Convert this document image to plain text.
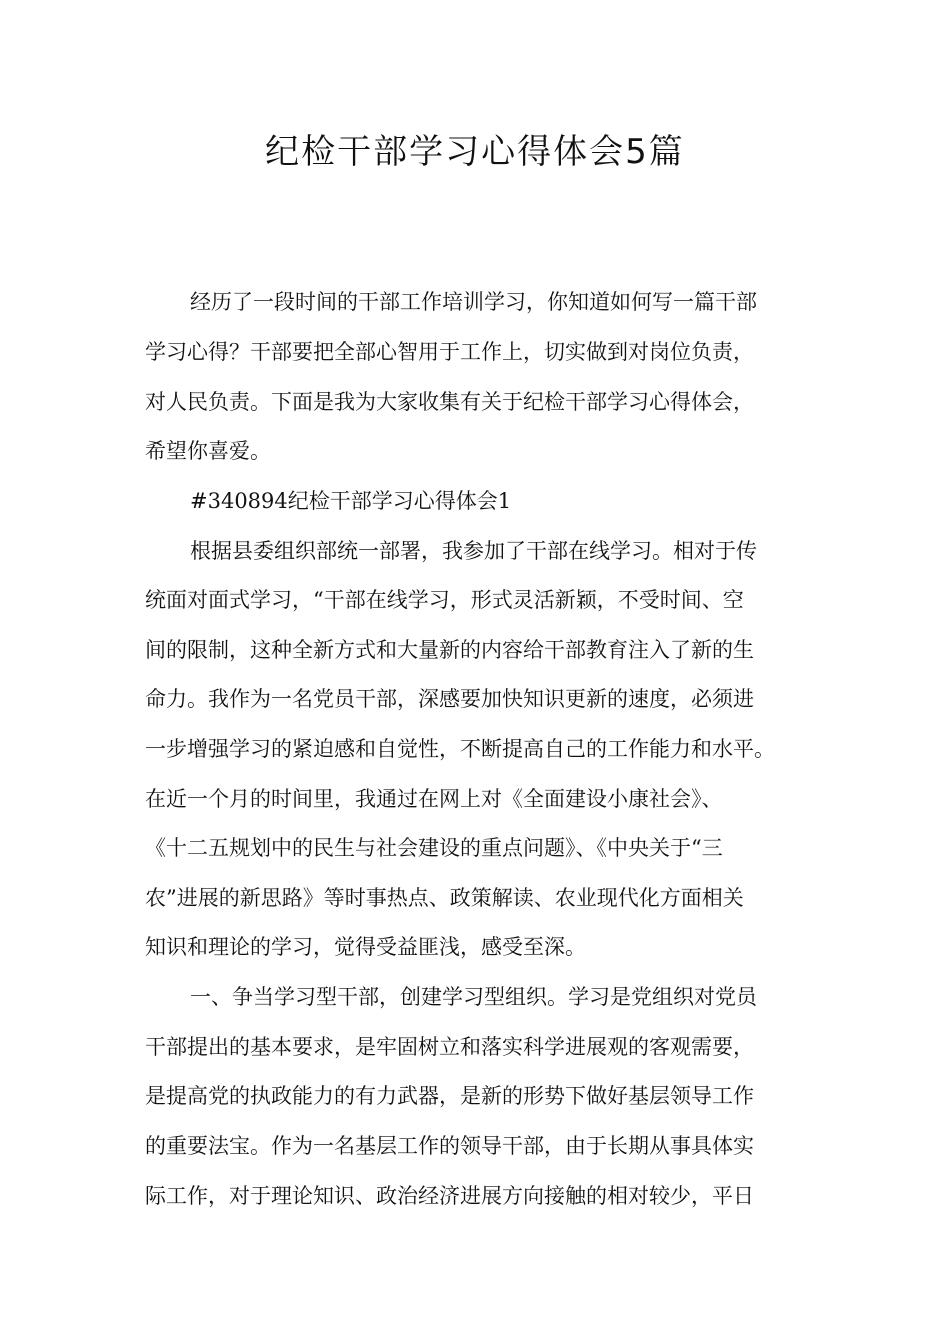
纪检干部学习心得体会5篇
经历了一段时间的干部工作培训学习，你知道如何写一篇干部
学习心得？干部要把全部心智用于工作上，切实做到对岗位负责，
对人民负责。下面是我为大家收集有关于纪检干部学习心得体会，
希望你喜爱。
#340894纪检干部学习心得体会1
根据县委组织部统一部署，我参加了干部在线学习。相对于传
统面对面式学习，“干部在线学习，形式灵活新颖，不受时间、空
间的限制，这种全新方式和大量新的内容给干部教育注入了新的生
命力。我作为一名党员干部，深感要加快知识更新的速度，必须进
一步增强学习的紧迫感和自觉性，不断提高自己的工作能力和水平。
在近一个月的时间里，我通过在网上对《全面建设小康社会》、
《十二五规划中的民生与社会建设的重点问题》、《中央关于“三
农”进展的新思路》等时事热点、政策解读、农业现代化方面相关
知识和理论的学习，觉得受益匪浅，感受至深。
一、争当学习型干部，创建学习型组织。学习是党组织对党员
干部提出的基本要求，是牢固树立和落实科学进展观的客观需要，
是提高党的执政能力的有力武器，是新的形势下做好基层领导工作
的重要法宝。作为一名基层工作的领导干部，由于长期从事具体实
际工作，对于理论知识、政治经济进展方向接触的相对较少，平日
